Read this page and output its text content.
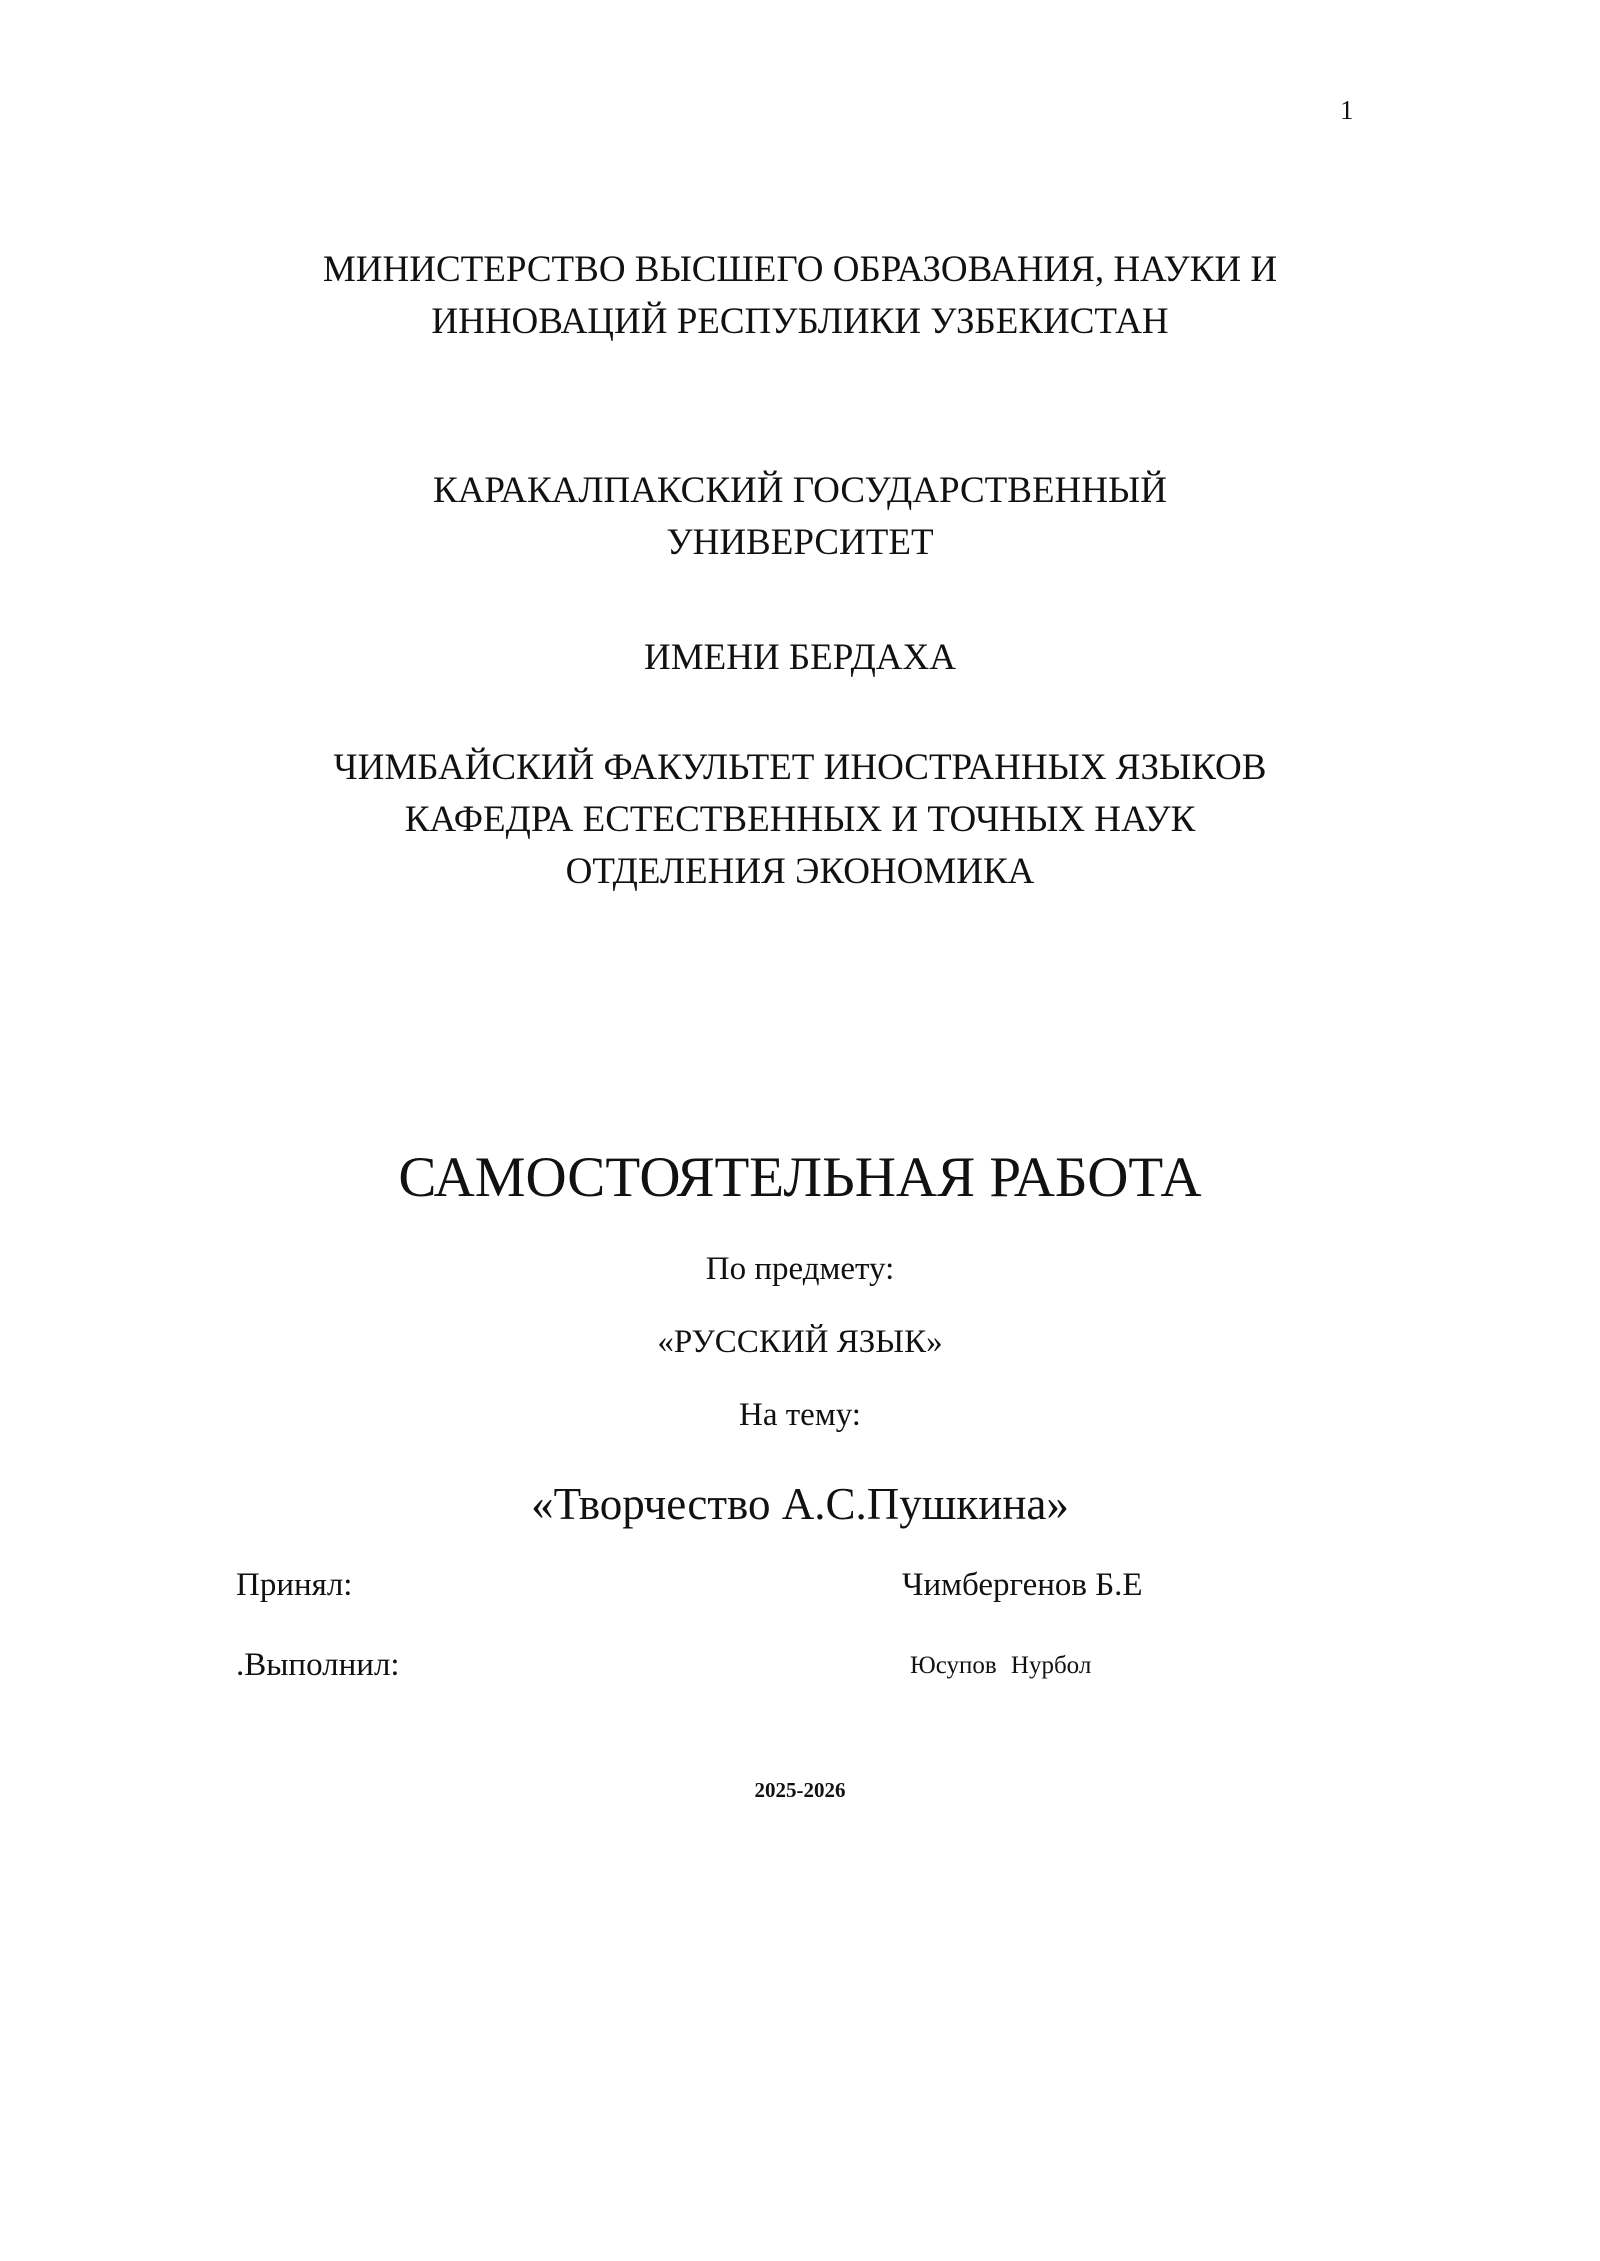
1
МИНИСТЕРСТВО ВЫСШЕГО ОБРАЗОВАНИЯ, НАУКИ И
ИННОВАЦИЙ РЕСПУБЛИКИ УЗБЕКИСТАН
КАРАКАЛПАКСКИЙ ГОСУДАРСТВЕННЫЙ
УНИВЕРСИТЕТ
ИМЕНИ БЕРДАХА
ЧИМБАЙСКИЙ ФАКУЛЬТЕТ ИНОСТРАННЫХ ЯЗЫКОВ
КАФЕДРА ЕСТЕСТВЕННЫХ И ТОЧНЫХ НАУК
ОТДЕЛЕНИЯ ЭКОНОМИКА
САМОСТОЯТЕЛЬНАЯ РАБОТА
По предмету:
«РУССКИЙ ЯЗЫК»
На тему:
«Творчество А.С.Пушкина»
Принял:	Чимбергенов Б.Е
.Выполнил:	Юсупов Нурбол
2025-2026
